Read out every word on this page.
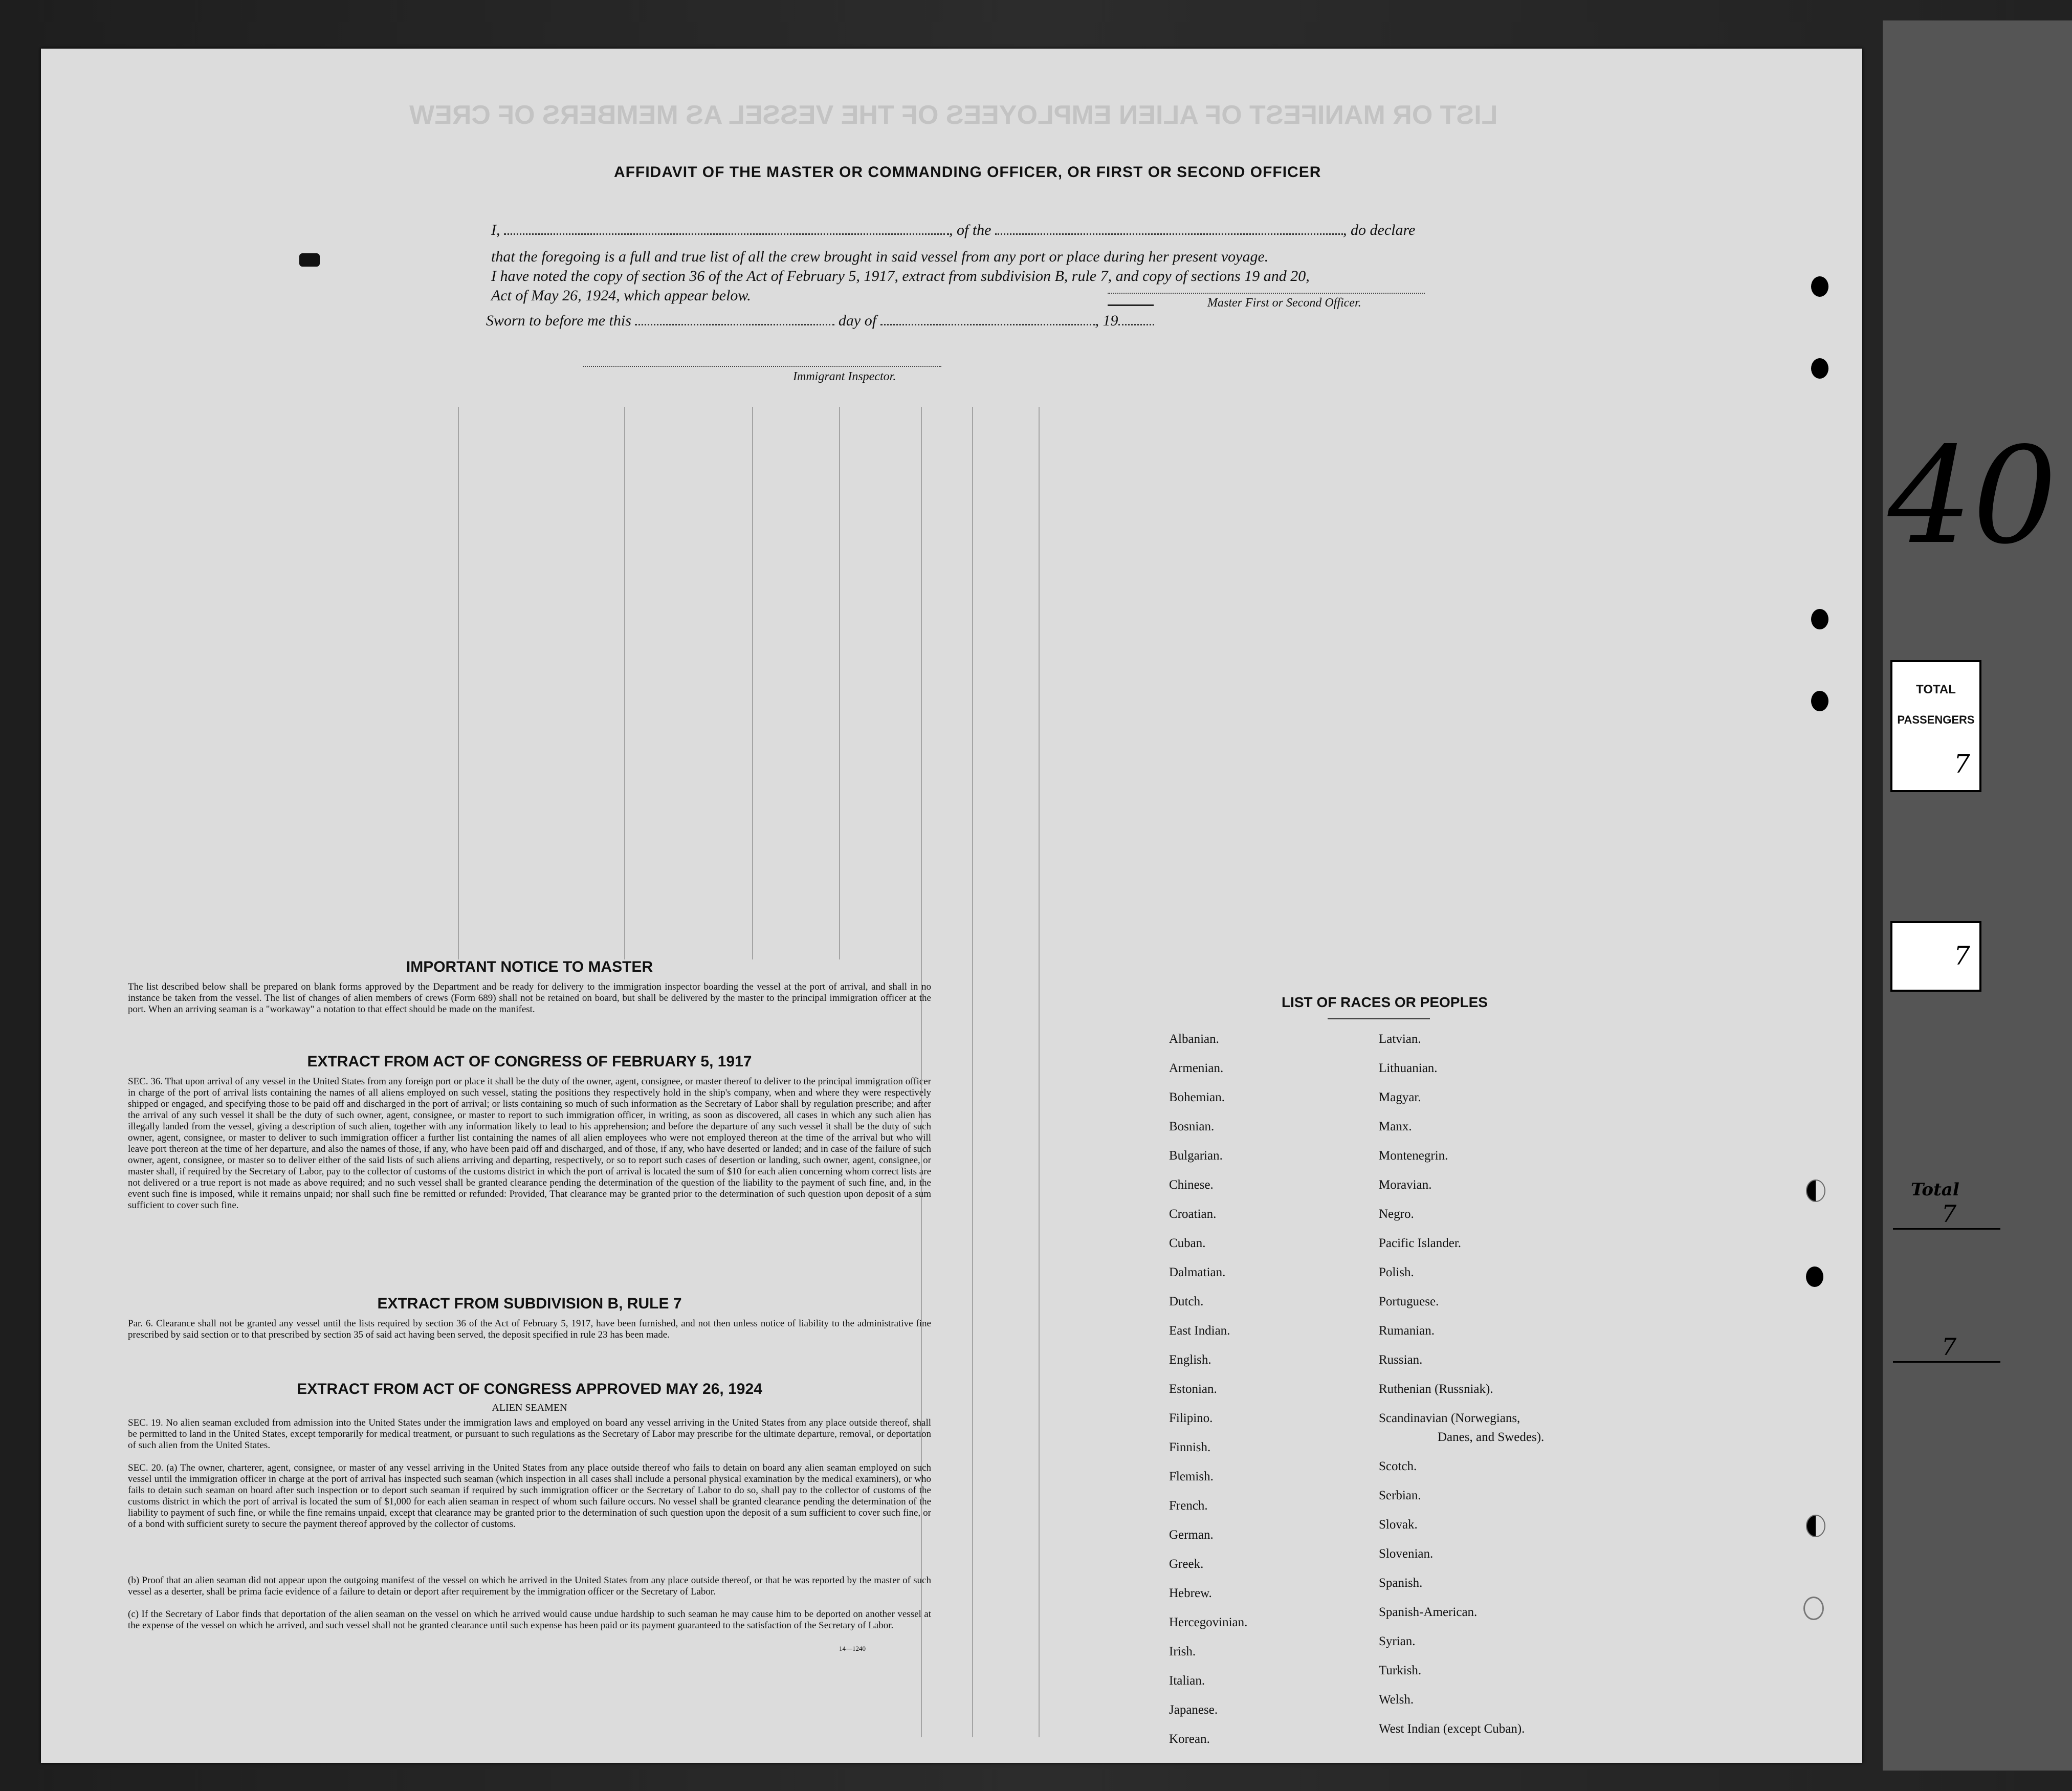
LIST OR MANIFEST OF ALIEN EMPLOYEES OF THE VESSEL AS MEMBERS OF CREW
AFFIDAVIT OF THE MASTER OR COMMANDING OFFICER, OR FIRST OR SECOND OFFICER
I,	, of the	, do declare
that the foregoing is a full and true list of all the crew brought in said vessel from any port or place during her present voyage.
I have noted the copy of section 36 of the Act of February 5, 1917, extract from subdivision B, rule 7, and copy of sections 19 and 20,
Act of May 26, 1924, which appear below.	Master First or Second Officer.
Sworn to before me this	day of	, 19
Immigrant Inspector.
IMPORTANT NOTICE TO MASTER
The list described below shall be prepared on blank forms approved by the Department and be ready for delivery to the immigration inspector boarding the vessel at the port of arrival, and shall in no instance be taken from the vessel. The list of changes of alien members of crews (Form 689) shall not be retained on board, but shall be delivered by the master to the principal immigration officer at the port. When an arriving seaman is a "workaway" a notation to that effect should be made on the manifest.
EXTRACT FROM ACT OF CONGRESS OF FEBRUARY 5, 1917
SEC. 36. That upon arrival of any vessel in the United States from any foreign port or place it shall be the duty of the owner, agent, consignee, or master thereof to deliver to the principal immigration officer in charge of the port of arrival lists containing the names of all aliens employed on such vessel, stating the positions they respectively hold in the ship's company, when and where they were respectively shipped or engaged, and specifying those to be paid off and discharged in the port of arrival; or lists containing so much of such information as the Secretary of Labor shall by regulation prescribe; and after the arrival of any such vessel it shall be the duty of such owner, agent, consignee, or master to report to such immigration officer, in writing, as soon as discovered, all cases in which any such alien has illegally landed from the vessel, giving a description of such alien, together with any information likely to lead to his apprehension; and before the departure of any such vessel it shall be the duty of such owner, agent, consignee, or master to deliver to such immigration officer a further list containing the names of all alien employees who were not employed thereon at the time of the arrival but who will leave port thereon at the time of her departure, and also the names of those, if any, who have been paid off and discharged, and of those, if any, who have deserted or landed; and in case of the failure of such owner, agent, consignee, or master so to deliver either of the said lists of such aliens arriving and departing, respectively, or so to report such cases of desertion or landing, such owner, agent, consignee, or master shall, if required by the Secretary of Labor, pay to the collector of customs of the customs district in which the port of arrival is located the sum of $10 for each alien concerning whom correct lists are not delivered or a true report is not made as above required; and no such vessel shall be granted clearance pending the determination of the question of the liability to the payment of such fine, and, in the event such fine is imposed, while it remains unpaid; nor shall such fine be remitted or refunded: Provided, That clearance may be granted prior to the determination of such question upon deposit of a sum sufficient to cover such fine.
EXTRACT FROM SUBDIVISION B, RULE 7
Par. 6. Clearance shall not be granted any vessel until the lists required by section 36 of the Act of February 5, 1917, have been furnished, and not then unless notice of liability to the administrative fine prescribed by said section or to that prescribed by section 35 of said act having been served, the deposit specified in rule 23 has been made.
EXTRACT FROM ACT OF CONGRESS APPROVED MAY 26, 1924
ALIEN SEAMEN
SEC. 19. No alien seaman excluded from admission into the United States under the immigration laws and employed on board any vessel arriving in the United States from any place outside thereof, shall be permitted to land in the United States, except temporarily for medical treatment, or pursuant to such regulations as the Secretary of Labor may prescribe for the ultimate departure, removal, or deportation of such alien from the United States.
SEC. 20. (a) The owner, charterer, agent, consignee, or master of any vessel arriving in the United States from any place outside thereof who fails to detain on board any alien seaman employed on such vessel until the immigration officer in charge at the port of arrival has inspected such seaman (which inspection in all cases shall include a personal physical examination by the medical examiners), or who fails to detain such seaman on board after such inspection or to deport such seaman if required by such immigration officer or the Secretary of Labor to do so, shall pay to the collector of customs of the customs district in which the port of arrival is located the sum of $1,000 for each alien seaman in respect of whom such failure occurs. No vessel shall be granted clearance pending the determination of the liability to payment of such fine, or while the fine remains unpaid, except that clearance may be granted prior to the determination of such question upon the deposit of a sum sufficient to cover such fine, or of a bond with sufficient surety to secure the payment thereof approved by the collector of customs.
(b) Proof that an alien seaman did not appear upon the outgoing manifest of the vessel on which he arrived in the United States from any place outside thereof, or that he was reported by the master of such vessel as a deserter, shall be prima facie evidence of a failure to detain or deport after requirement by the immigration officer or the Secretary of Labor.
(c) If the Secretary of Labor finds that deportation of the alien seaman on the vessel on which he arrived would cause undue hardship to such seaman he may cause him to be deported on another vessel at the expense of the vessel on which he arrived, and such vessel shall not be granted clearance until such expense has been paid or its payment guaranteed to the satisfaction of the Secretary of Labor.
14—1240
LIST OF RACES OR PEOPLES
Albanian.
Armenian.
Bohemian.
Bosnian.
Bulgarian.
Chinese.
Croatian.
Cuban.
Dalmatian.
Dutch.
East Indian.
English.
Estonian.
Filipino.
Finnish.
Flemish.
French.
German.
Greek.
Hebrew.
Hercegovinian.
Irish.
Italian.
Japanese.
Korean.
Latvian.
Lithuanian.
Magyar.
Manx.
Montenegrin.
Moravian.
Negro.
Pacific Islander.
Polish.
Portuguese.
Rumanian.
Russian.
Ruthenian (Russniak).
Scandinavian (Norwegians,
Danes, and Swedes).
Scotch.
Serbian.
Slovak.
Slovenian.
Spanish.
Spanish-American.
Syrian.
Turkish.
Welsh.
West Indian (except Cuban).
40
TOTAL
PASSENGERS
7
7
Total
7
7
